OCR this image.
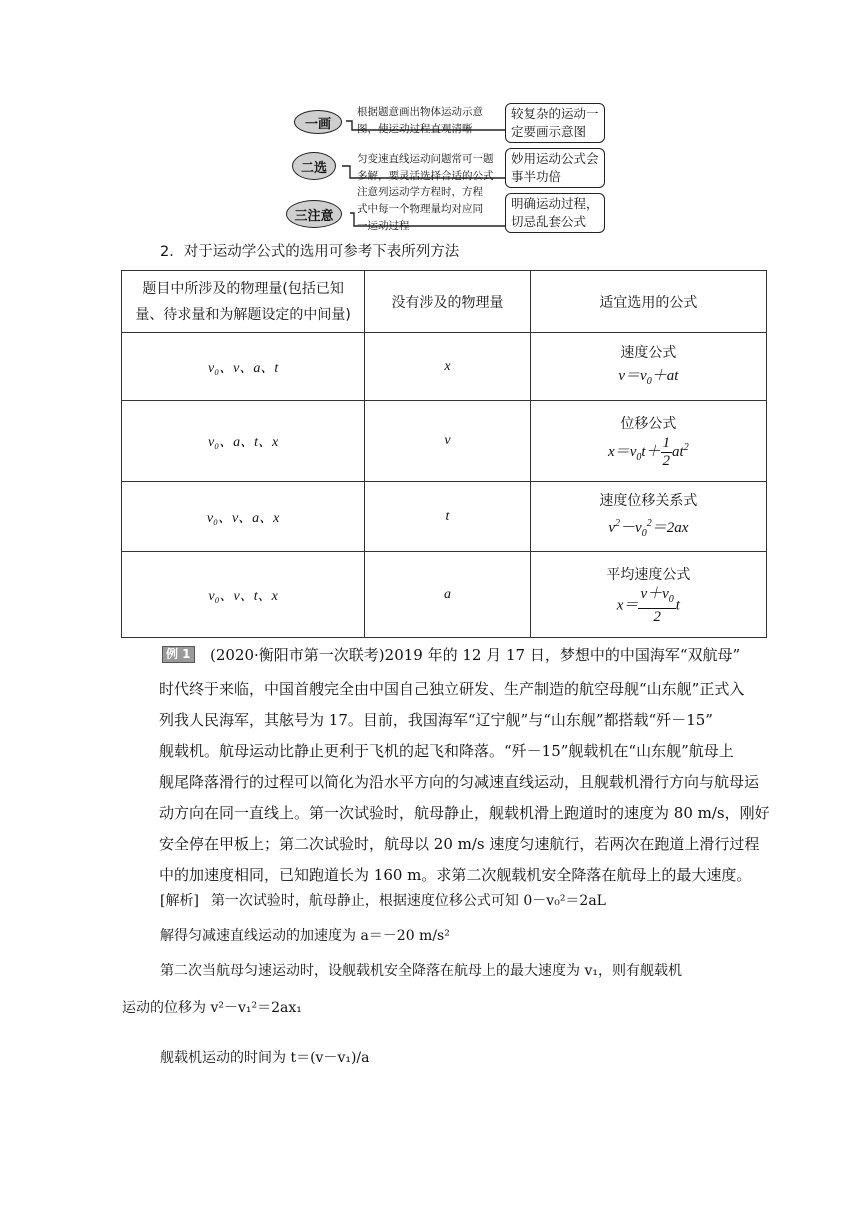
一画
根据题意画出物体运动示意
图，使运动过程直观清晰
较复杂的运动一
定要画示意图
二选
匀变速直线运动问题常可一题
多解，要灵活选择合适的公式
妙用运动公式会
事半功倍
三注意
注意列运动学方程时，方程
式中每一个物理量均对应同
一运动过程
明确运动过程，
切忌乱套公式
2．对于运动学公式的选用可参考下表所列方法
题目中所涉及的物理量(包括已知
量、待求量和为解题设定的中间量)	没有涉及的物理量	适宜选用的公式
v₀、v、a、t	x	速度公式
$v=v_0+at$

v₀、a、t、x	v	位移公式
$x=v_0t+ \frac{1}{2} at^2$

v₀、v、a、x	t	速度位移关系式
$v^2-v_0^2=2ax$

v₀、v、t、x	a	平均速度公式
$x= \frac{v+v_0}{2}$ t
例 1 (2020·衡阳市第一次联考)2019 年的 12 月 17 日，梦想中的中国海军“双航母”
时代终于来临，中国首艘完全由中国自己独立研发、生产制造的航空母舰“山东舰”正式入
列我人民海军，其舷号为 17。目前，我国海军“辽宁舰”与“山东舰”都搭载“歼－15”
舰载机。航母运动比静止更利于飞机的起飞和降落。“歼－15”舰载机在“山东舰”航母上
舰尾降落滑行的过程可以简化为沿水平方向的匀减速直线运动，且舰载机滑行方向与航母运
动方向在同一直线上。第一次试验时，航母静止，舰载机滑上跑道时的速度为 80 m/s，刚好
安全停在甲板上；第二次试验时，航母以 20 m/s 速度匀速航行，若两次在跑道上滑行过程
中的加速度相同，已知跑道长为 160 m。求第二次舰载机安全降落在航母上的最大速度。
[解析] 第一次试验时，航母静止，根据速度位移公式可知 0－v₀²＝2aL
解得匀减速直线运动的加速度为 a＝－20 m/s²
第二次当航母匀速运动时，设舰载机安全降落在航母上的最大速度为 v₁，则有舰载机
运动的位移为 v²－v₁²＝2ax₁
舰载机运动的时间为 t＝(v－v₁)/a
